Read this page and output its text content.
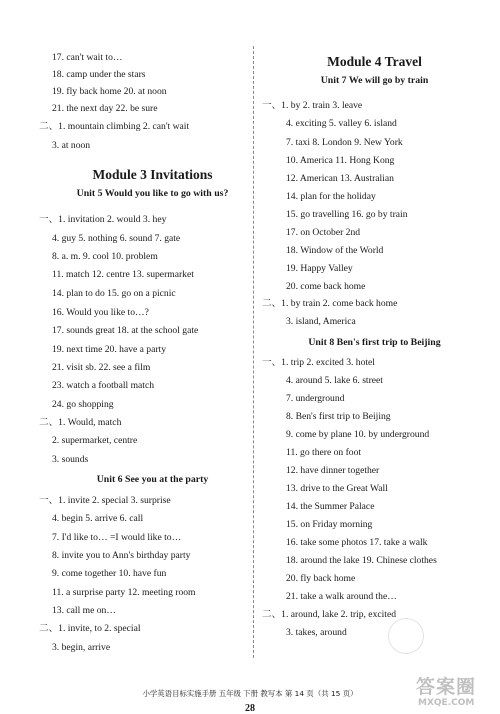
17. can't wait to…
18. camp under the stars
19. fly back home 20. at noon
21. the next day 22. be sure
二、1. mountain climbing 2. can't wait
3. at noon
Module 3 Invitations
Unit 5 Would you like to go with us?
一、1. invitation 2. would 3. hey
4. guy 5. nothing 6. sound 7. gate
8. a. m. 9. cool 10. problem
11. match 12. centre 13. supermarket
14. plan to do 15. go on a picnic
16. Would you like to…?
17. sounds great 18. at the school gate
19. next time 20. have a party
21. visit sb. 22. see a film
23. watch a football match
24. go shopping
二、1. Would, match
2. supermarket, centre
3. sounds
Unit 6 See you at the party
一、1. invite 2. special 3. surprise
4. begin 5. arrive 6. call
7. I'd like to… =I would like to…
8. invite you to Ann's birthday party
9. come together 10. have fun
11. a surprise party 12. meeting room
13. call me on…
二、1. invite, to 2. special
3. begin, arrive
Module 4 Travel
Unit 7 We will go by train
一、1. by 2. train 3. leave
4. exciting 5. valley 6. island
7. taxi 8. London 9. New York
10. America 11. Hong Kong
12. American 13. Australian
14. plan for the holiday
15. go travelling 16. go by train
17. on October 2nd
18. Window of the World
19. Happy Valley
20. come back home
二、1. by train 2. come back home
3. island, America
Unit 8 Ben's first trip to Beijing
一、1. trip 2. excited 3. hotel
4. around 5. lake 6. street
7. underground
8. Ben's first trip to Beijing
9. come by plane 10. by underground
11. go there on foot
12. have dinner together
13. drive to the Great Wall
14. the Summer Palace
15. on Friday morning
16. take some photos 17. take a walk
18. around the lake 19. Chinese clothes
20. fly back home
21. take a walk around the…
二、1. around, lake 2. trip, excited
3. takes, around
小学英语目标实施手册 五年级 下册 教写本 第 14 页（共 15 页）
28
答案圈
MXQE.COM
